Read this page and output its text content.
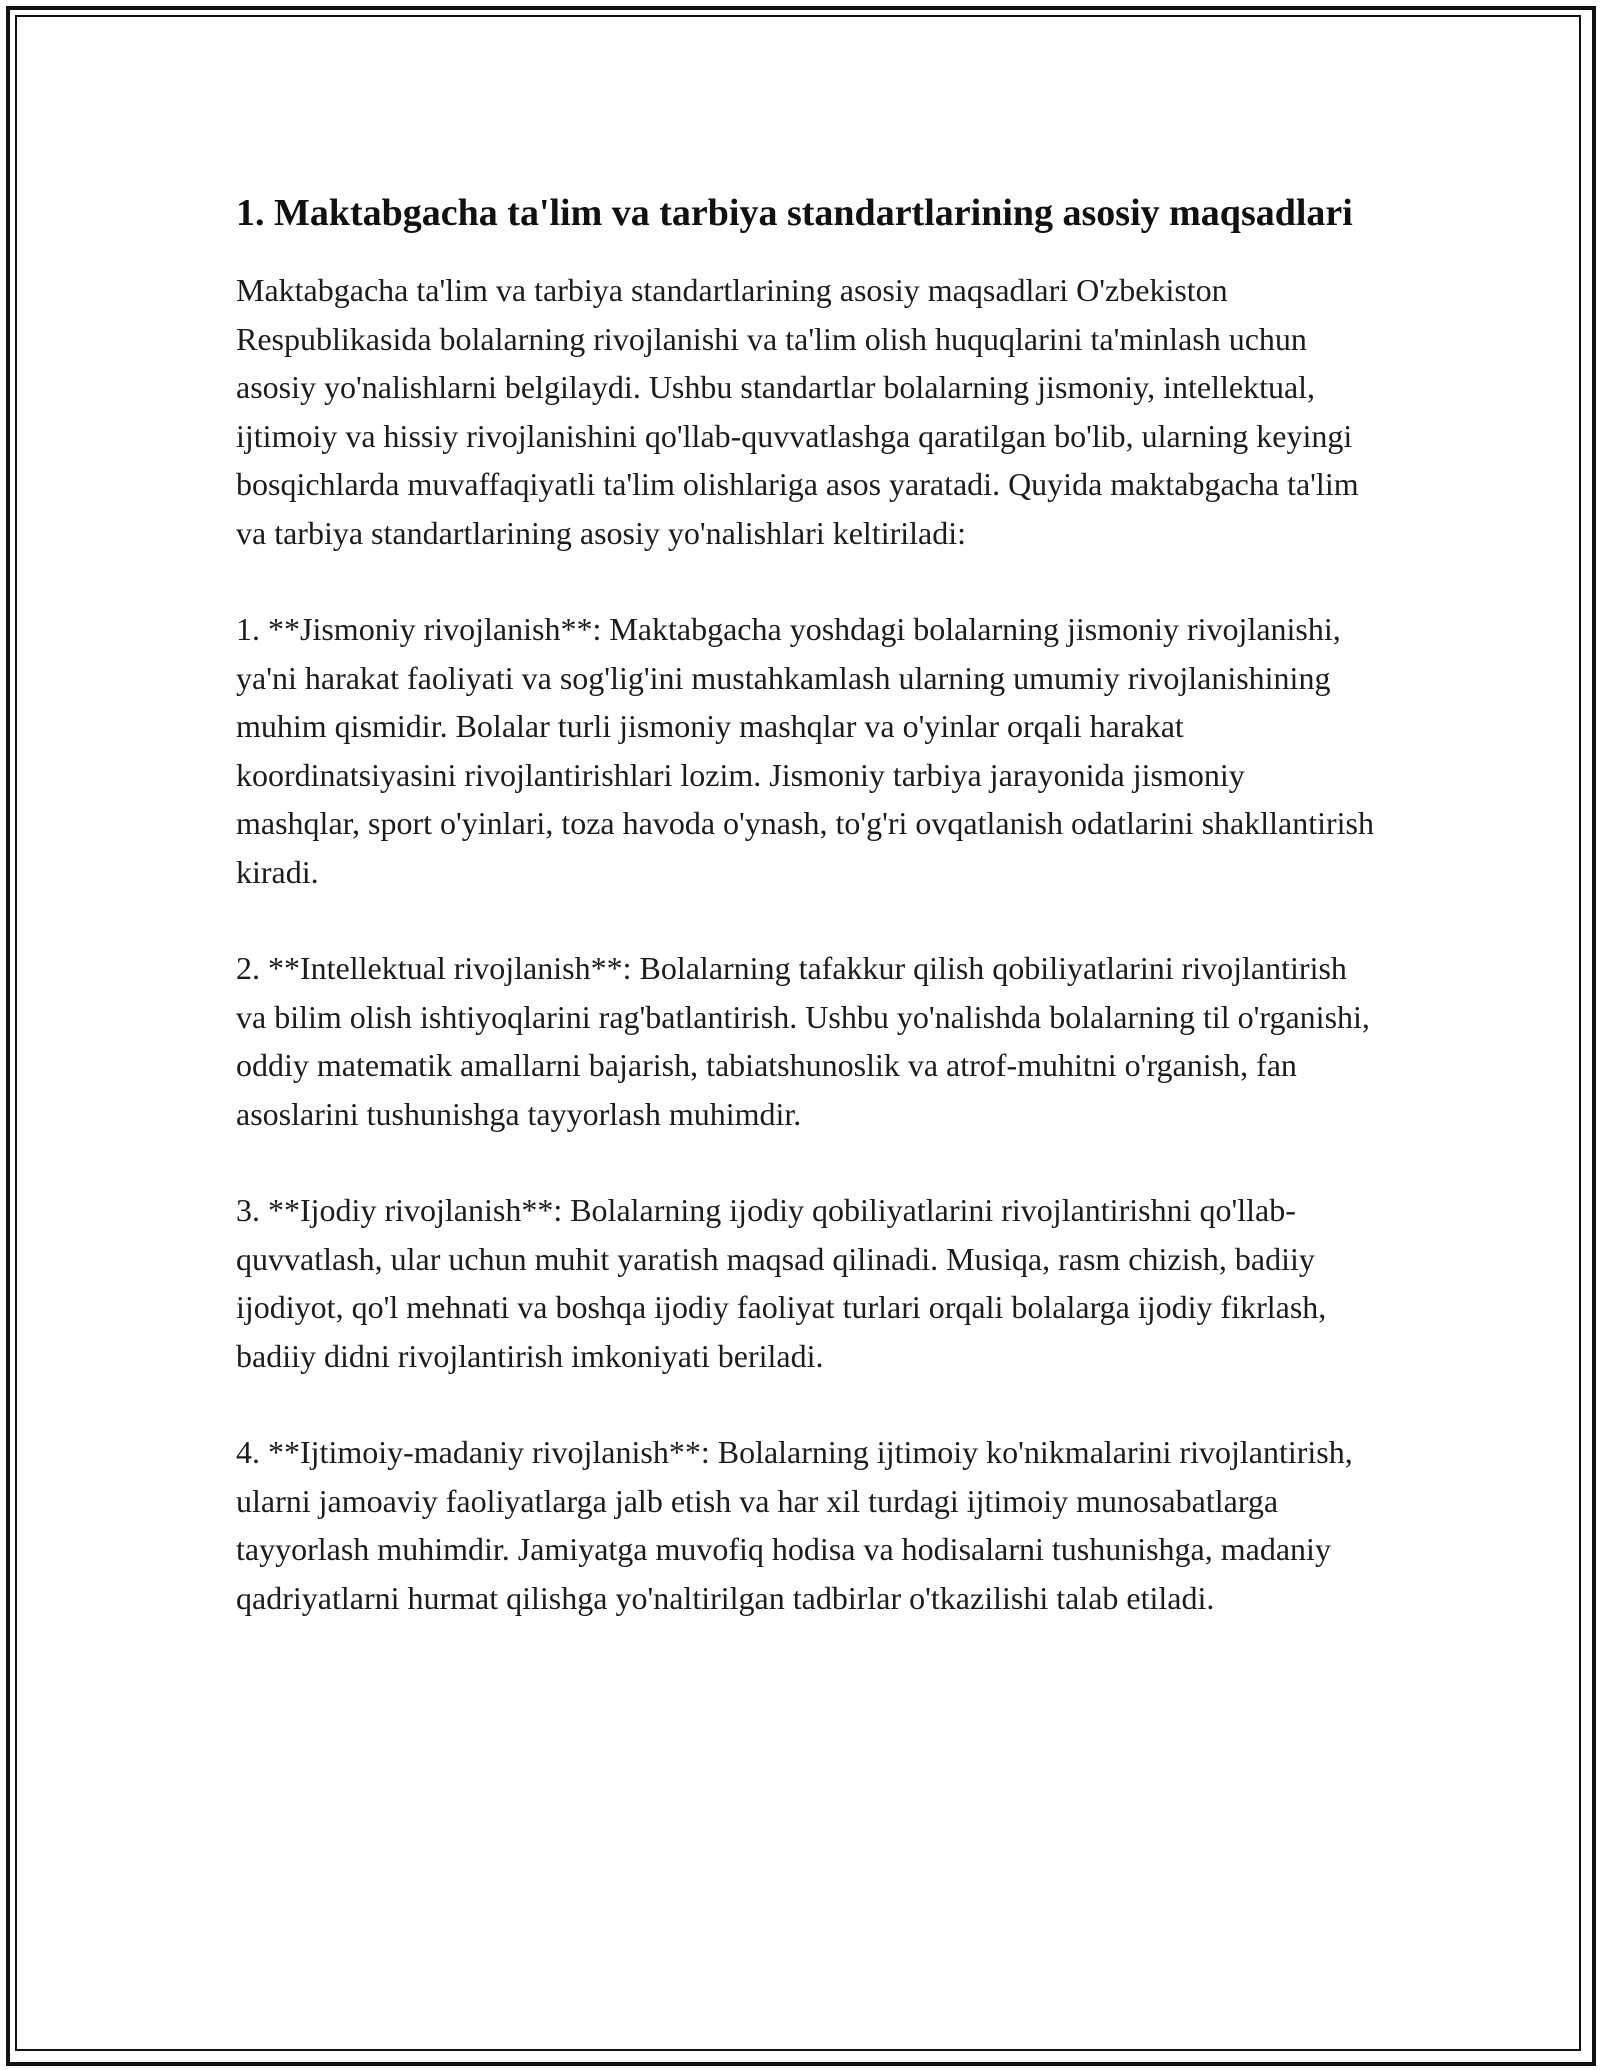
1. Maktabgacha ta'lim va tarbiya standartlarining asosiy maqsadlari

Maktabgacha ta'lim va tarbiya standartlarining asosiy maqsadlari O'zbekiston Respublikasida bolalarning rivojlanishi va ta'lim olish huquqlarini ta'minlash uchun asosiy yo'nalishlarni belgilaydi. Ushbu standartlar bolalarning jismoniy, intellektual, ijtimoiy va hissiy rivojlanishini qo'llab-quvvatlashga qaratilgan bo'lib, ularning keyingi bosqichlarda muvaffaqiyatli ta'lim olishlariga asos yaratadi. Quyida maktabgacha ta'lim va tarbiya standartlarining asosiy yo'nalishlari keltiriladi:

1. **Jismoniy rivojlanish**: Maktabgacha yoshdagi bolalarning jismoniy rivojlanishi, ya'ni harakat faoliyati va sog'lig'ini mustahkamlash ularning umumiy rivojlanishining muhim qismidir. Bolalar turli jismoniy mashqlar va o'yinlar orqali harakat koordinatsiyasini rivojlantirishlari lozim. Jismoniy tarbiya jarayonida jismoniy mashqlar, sport o'yinlari, toza havoda o'ynash, to'g'ri ovqatlanish odatlarini shakllantirish kiradi.

2. **Intellektual rivojlanish**: Bolalarning tafakkur qilish qobiliyatlarini rivojlantirish va bilim olish ishtiyoqlarini rag'batlantirish. Ushbu yo'nalishda bolalarning til o'rganishi, oddiy matematik amallarni bajarish, tabiatshunoslik va atrof-muhitni o'rganish, fan asoslarini tushunishga tayyorlash muhimdir.

3. **Ijodiy rivojlanish**: Bolalarning ijodiy qobiliyatlarini rivojlantirishni qo'llab-quvvatlash, ular uchun muhit yaratish maqsad qilinadi. Musiqa, rasm chizish, badiiy ijodiyot, qo'l mehnati va boshqa ijodiy faoliyat turlari orqali bolalarga ijodiy fikrlash, badiiy didni rivojlantirish imkoniyati beriladi.

4. **Ijtimoiy-madaniy rivojlanish**: Bolalarning ijtimoiy ko'nikmalarini rivojlantirish, ularni jamoaviy faoliyatlarga jalb etish va har xil turdagi ijtimoiy munosabatlarga tayyorlash muhimdir. Jamiyatga muvofiq hodisa va hodisalarni tushunishga, madaniy qadriyatlarni hurmat qilishga yo'naltirilgan tadbirlar o'tkazilishi talab etiladi.
